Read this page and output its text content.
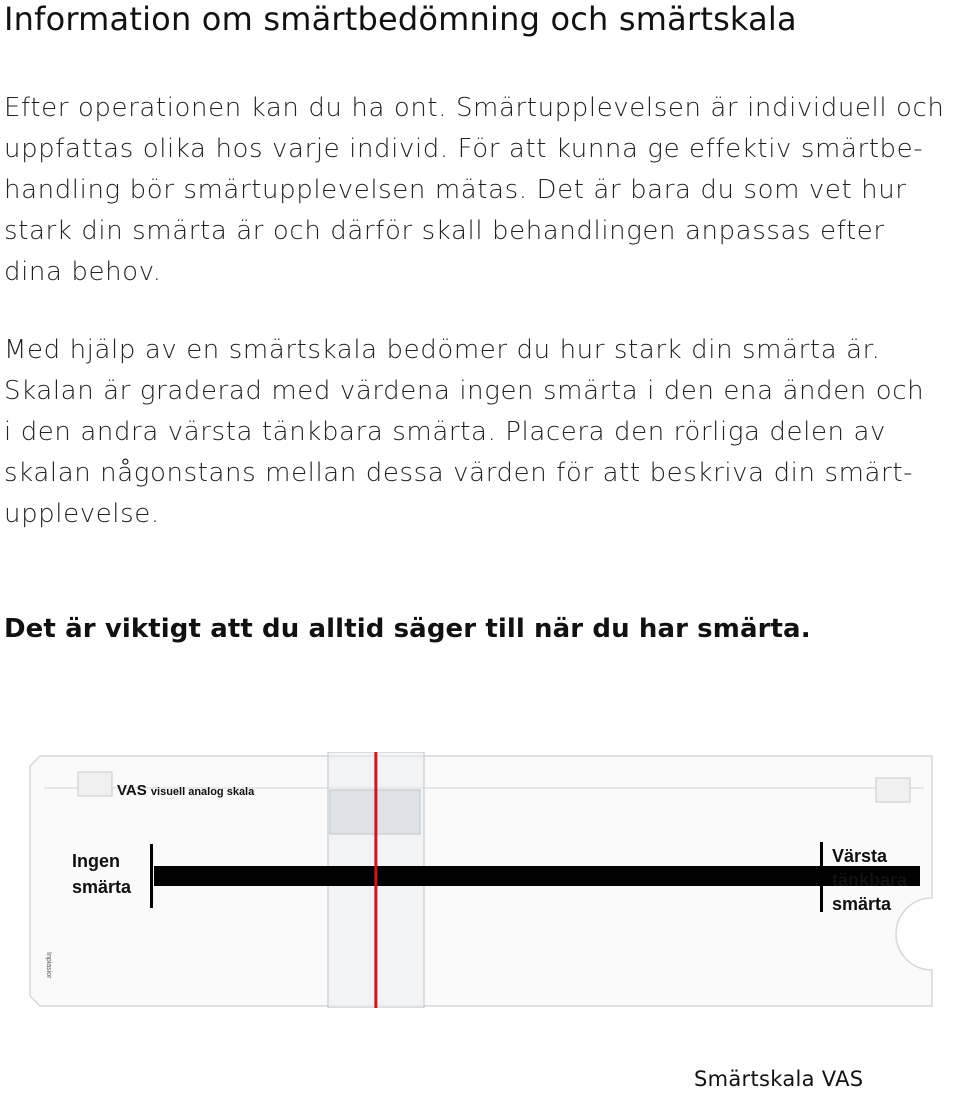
Information om smärtbedömning och smärtskala
Efter operationen kan du ha ont. Smärtupplevelsen är individuell och
uppfattas olika hos varje individ. För att kunna ge effektiv smärtbe-
handling bör smärtupplevelsen mätas. Det är bara du som vet hur
stark din smärta är och därför skall behandlingen anpassas efter
dina behov.
Med hjälp av en smärtskala bedömer du hur stark din smärta är.
Skalan är graderad med värdena ingen smärta i den ena änden och
i den andra värsta tänkbara smärta. Placera den rörliga delen av
skalan någonstans mellan dessa värden för att beskriva din smärt-
upplevelse.

Det är viktigt att du alltid säger till när du har smärta.

VAS visuell analog skala
Ingen
smärta
Värsta
tänkbara
smärta
Inpiasior

Smärtskala VAS
